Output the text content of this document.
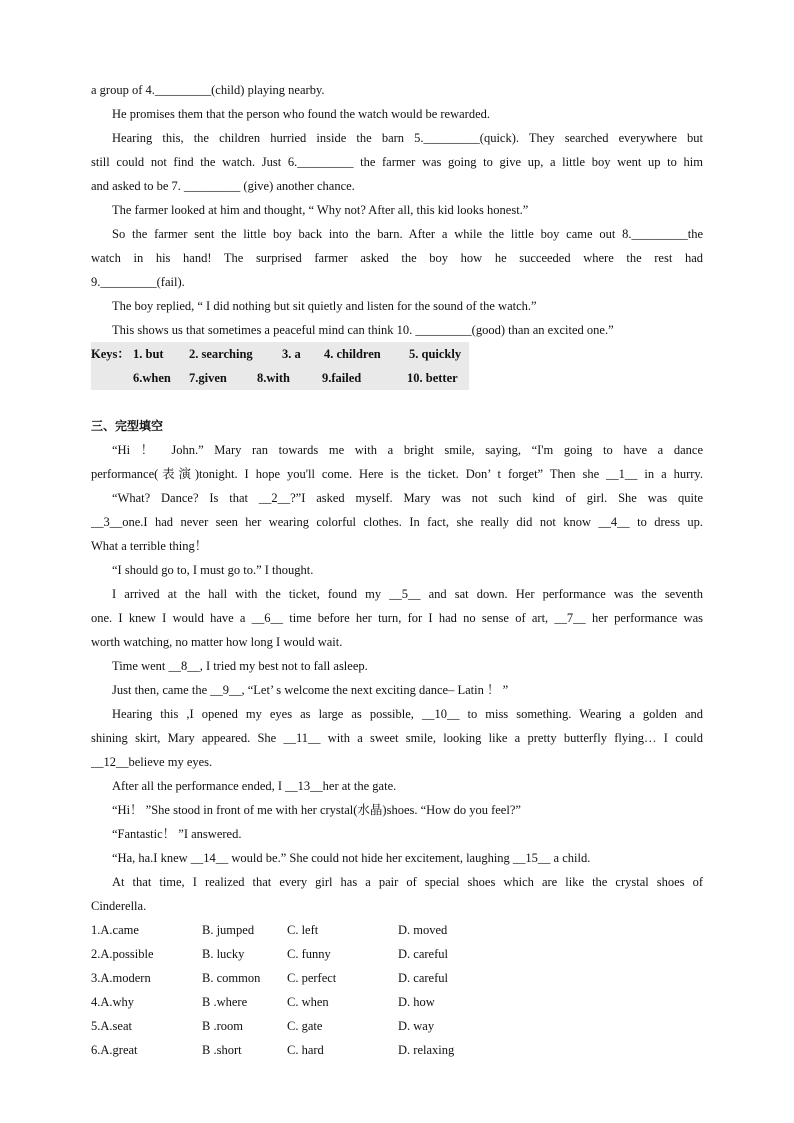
a group of 4._________(child) playing nearby.
He promises them that the person who found the watch would be rewarded.
Hearing this, the children hurried inside the barn 5._________(quick). They searched everywhere but
still could not find the watch. Just 6._________ the farmer was going to give up, a little boy went up to him
and asked to be 7. _________ (give) another chance.
The farmer looked at him and thought, “ Why not? After all, this kid looks honest.”
So the farmer sent the little boy back into the barn. After a while the little boy came out 8._________the
watch in his hand! The surprised farmer asked the boy how he succeeded where the rest had
9._________(fail).
The boy replied, “ I did nothing but sit quietly and listen for the sound of the watch.”
This shows us that sometimes a peaceful mind can think 10. _________(good) than an excited one.”
Keys： 1. but 2. searching 3. a 4. children 5. quickly
6.when 7.given 8.with	9.failed	10. better
三、完型填空
“Hi ！ John.” Mary ran towards me with a bright smile, saying, “I'm going to have a dance
performance(表演)tonight. I hope you'll come. Here is the ticket. Don’ t forget” Then she __1__ in a hurry.
“What? Dance? Is that __2__?”I asked myself. Mary was not such kind of girl. She was quite
__3__one.I had never seen her wearing colorful clothes. In fact, she really did not know __4__ to dress up.
What a terrible thing！
“I should go to, I must go to.” I thought.
I arrived at the hall with the ticket, found my __5__ and sat down. Her performance was the seventh
one. I knew I would have a __6__ time before her turn, for I had no sense of art, __7__ her performance was
worth watching, no matter how long I would wait.
Time went __8__, I tried my best not to fall asleep.
Just then, came the __9__, “Let’ s welcome the next exciting dance– Latin ！ ”
Hearing this ,I opened my eyes as large as possible, __10__ to miss something. Wearing a golden and
shining skirt, Mary appeared. She __11__ with a sweet smile, looking like a pretty butterfly flying… I could
__12__believe my eyes.
After all the performance ended, I __13__her at the gate.
“Hi！ ”She stood in front of me with her crystal(水晶)shoes. “How do you feel?”
“Fantastic！ ”I answered.
“Ha, ha.I knew __14__ would be.” She could not hide her excitement, laughing __15__ a child.
At that time, I realized that every girl has a pair of special shoes which are like the crystal shoes of
Cinderella.
1.A.came	B. jumped	C. left	D. moved
2.A.possible	B. lucky	C. funny	D. careful
3.A.modern	B. common	C. perfect	D. careful
4.A.why	B .where	C. when	D. how
5.A.seat	B .room	C. gate	D. way
6.A.great	B .short	C. hard	D. relaxing
